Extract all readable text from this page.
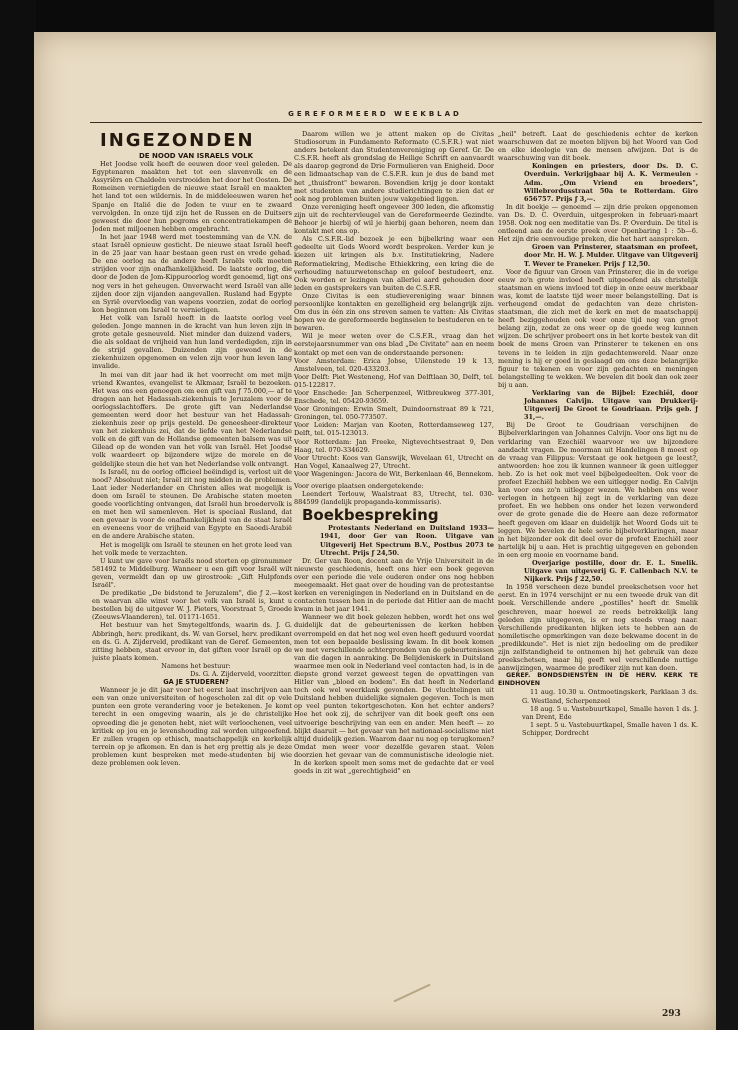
GEREFORMEERD WEEKBLAD

INGEZONDEN

DE NOOD VAN ISRAELS VOLK

Het Joodse volk heeft de eeuwen door veel geleden. De Egyptenaren maakten het tot een slavenvolk en de Assyriërs en Chaldeën verstrooiden het door het Oosten. De Romeinen vernietigden de nieuwe staat Israël en maakten het land tot een wildernis. In de middeleeuwen waren het Spanje en Italië die de Joden te vuur en te zwaard vervolgden. In onze tijd zijn het de Russen en de Duitsers geweest die door hun pogroms en concentratiekampen de Joden met miljoenen hebben omgebracht.

In het jaar 1948 werd met toestemming van de V.N. de staat Israël opnieuw gesticht. De nieuwe staat Israël heeft in de 25 jaar van haar bestaan geen rust en vrede gehad. De ene oorlog na de andere heeft Israëls volk moeten strijden voor zijn onafhankelijkheid. De laatste oorlog, die door de Joden de Jom-Kippuroorlog wordt genoemd, ligt ons nog vers in het geheugen. Onverwacht werd Israël van alle zijden door zijn vijanden aangevallen. Rusland had Egypte en Syrië overvloedig van wapens voorzien, zodat de oorlog kon beginnen om Israël te vernietigen.

Het volk van Israël heeft in de laatste oorlog veel geleden. Jonge mannen in de kracht van hun leven zijn in grote getale gesneuveld. Niet minder dan duizend vaders, die als soldaat de vrijheid van hun land verdedigden, zijn in de strijd gevallen. Duizenden zijn gewond in de ziekenhuizen opgenomen en velen zijn voor hun leven lang invalide.

In mei van dit jaar had ik het voorrecht om met mijn vriend Kwantes, evangelist te Alkmaar, Israël te bezoeken. Het was ons een genoegen om een gift van ƒ 75.000,— af te dragen aan het Hadassah-ziekenhuis te Jeruzalem voor de oorlogsslachtoffers. De grote gift van Nederlandse gemeenten werd door het bestuur van het Hadassah-ziekenhuis zeer op prijs gesteld. De geneesheer-direkteur van het ziekenhuis zei, dat de liefde van het Nederlandse volk en de gift van de Hollandse gemeenten balsem was uit Gilead op de wonden van het volk van Israël. Het Joodse volk waardeert op bijzondere wijze de morele en de geldelijke steun die het van het Nederlandse volk ontvangt.

Is Israël, nu de oorlog officieel beëindigd is, verlost uit de nood? Absoluut niet; Israël zit nog midden in de problemen. Laat ieder Nederlander en Christen alles wat mogelijk is doen om Israël te steunen. De Arabische staten moeten goede voorlichting ontvangen, dat Israël hun broedervolk is en met hen wil samenleven. Het is speciaal Rusland, dat een gevaar is voor de onafhankelijkheid van de staat Israël en eveneens voor de vrijheid van Egypte en Saoedi-Arabië en de andere Arabische staten.

Het is mogelijk om Israël te steunen en het grote leed van het volk mede te verzachten.

U kunt uw gave voor Israëls nood storten op gironummer 581492 te Middelburg. Wanneer u een gift voor Israël wilt geven, vermeldt dan op uw girostrook: „Gift Hulpfonds Israël".

De predikatie „De bidstond te Jeruzalem", die ƒ 2.—kost en waarvan alle winst voor het volk van Israël is, kunt u bestellen bij de uitgever W. J. Pieters, Voorstraat 5, Groede (Zeeuws-Vlaanderen), tel. 01171-1651.

Het bestuur van het Smytegeltfonds, waarin ds. J. G. Abbringh, herv. predikant, ds. W. van Gorsel, herv. predikant en ds. G. A. Zijderveld, predikant van de Geref. Gemeenten, zitting hebben, staat ervoor in, dat giften voor Israël op de juiste plaats komen.

Namens het bestuur:

Ds. G. A. Zijderveld, voorzitter.

GA JE STUDEREN?

Wanneer je je dit jaar voor het eerst laat inschrijven aan een van onze universiteiten of hogescholen zal dit op vele punten een grote verandering voor je betekenen. Je komt terecht in een omgeving waarin, als je de christelijke opvoeding die je genoten hebt, niet wilt verloochenen, veel kritiek op jou en je levenshouding zal worden uitgeoefend. Er zullen vragen op ethisch, maatschappelijk en kerkelijk terrein op je afkomen. En dan is het erg prettig als je deze problemen kunt bespreken met mede-studenten bij wie deze problemen ook leven.

Daarom willen we je attent maken op de Civitas Studiosorum in Fundamento Reformato (C.S.F.R.) wat niet anders betekent dan Studentenvereniging op Geref. Gr. De C.S.F.R. heeft als grondslag de Heilige Schrift en aanvaardt als daarop gegrond de Drie Formulieren van Enigheid. Door een lidmaatschap van de C.S.F.R. kun je dus de band met het „thuisfront" bewaren. Bovendien krijg je door kontakt met studenten van andere studierichtingen te zien dat er ook nog problemen buiten jouw vakgebied liggen.

Onze vereniging heeft ongeveer 300 leden, die afkomstig zijn uit de rechtervleugel van de Gereformeerde Gezindte. Behoor je hierbij of wil je hierbij gaan behoren, neem dan kontakt met ons op.

Als C.S.F.R.-lid bezoek je een bijbelkring waar een gedeelte uit Gods Woord wordt besproken. Verder kun je kiezen uit kringen als b.v. Institutiekring, Nadere Reformatiekring, Medische Ethiekkring, een kring die de verhouding natuurwetenschap en geloof bestudeert, enz. Ook worden er lezingen van allerlei aard gehouden door leden en gastsprekers van buiten de C.S.F.R.

Onze Civitas is een studievereniging waar binnen persoonlijke kontakten en gezelligheid erg belangrijk zijn. Om dus in één zin ons streven samen te vatten: Als Civitas hopen we de gereformeerde beginselen te bestuderen en te bewaren.

Wil je meer weten over de C.S.F.R., vraag dan het eerstejaarsnummer van ons blad „De Civitate" aan en neem kontakt op met een van de onderstaande personen:

Voor Amsterdam: Erica Jobse, Uilenstede 19 k 13, Amstelveen, tel. 020-433203.

Voor Delft: Piet Westeneng, Hof van Delftlaan 30, Delft, tel. 015-122817.

Voor Enschede: Jan Scherpenzeel, Witbreukweg 377-301, Enschede, tel. 05420-93659.

Voor Groningen: Erwin Smelt, Duindoornstraat 89 k 721, Groningen, tel. 050-773507.

Voor Leiden: Marjan van Kooten, Rotterdamseweg 127, Delft, tel. 015-123013.

Voor Rotterdam: Jan Freeke, Nigtevechtsestraat 9, Den Haag, tel. 070-334629.

Voor Utrecht: Koos van Ganswijk, Wevelaan 61, Utrecht en Han Vogel, Kanaalweg 27, Utrecht.

Voor Wageningen: Jacora de Wit, Berkenlaan 46, Bennekom.

Voor overige plaatsen ondergetekende:

Leendert Terlouw, Waalstraat 83, Utrecht, tel. 030-884599 (landelijk propaganda-kommissaris).

Boekbespreking

Protestants Nederland en Duitsland 1933—1941, door Ger van Roon. Uitgave van Uitgeverij Het Spectrum B.V., Postbus 2073 te Utrecht. Prijs ƒ 24,50.

Dr. Ger van Roon, docent aan de Vrije Universiteit in de nieuwste geschiedenis, heeft ons hier een boek gegeven over een periode die vele ouderen onder ons nog hebben meegemaakt. Het gaat over de houding van de protestantse kerken en verenigingen in Nederland en in Duitsland en de contacten tussen hen in de periode dat Hitler aan de macht kwam in het jaar 1941.

Wanneer we dit boek gelezen hebben, wordt het ons wel duidelijk dat de gebeurtenissen de kerken hebben overrompeld en dat het nog wel even heeft geduurd voordat men tot een bepaalde beslissing kwam. In dit boek komen we met verschillende achtergronden van de gebeurtenissen van die dagen in aanraking. De Belijdeniskerk in Duitsland waarmee men ook in Nederland veel contacten had, is in de diepste grond verzet geweest tegen de opvattingen van Hitler van „bloed en bodem". En dat heeft in Nederland toch ook wel weerklank gevonden. De vluchtelingen uit Duitsland hebben duidelijke signalen gegeven. Toch is men op veel punten tekortgeschoten. Kon het echter anders? Hoe het ook zij, de schrijver van dit boek geeft ons een uitvoerige beschrijving van een en ander. Men heeft — zo blijkt daaruit — het gevaar van het nationaal-socialisme niet altijd duidelijk gezien. Waarom daar nu nog op terugkomen? Omdat men weer voor dezelfde gevaren staat. Velen doorzien het gevaar van de communistische ideologie niet. In de kerken speelt men soms met de gedachte dat er veel goeds in zit wat „gerechtigheid" en

„heil" betreft. Laat de geschiedenis echter de kerken waarschuwen dat ze moeten blijven bij het Woord van God en elke ideologie van de mensen afwijzen. Dat is de waarschuwing van dit boek.

Koningen en priesters, door Ds. D. C. Overduin. Verkrijgbaar bij A. K. Vermeulen - Adm. „Om Vriend en broeders", Willebrordusstraat 50a te Rotterdam. Giro 656757. Prijs ƒ 3,—.

In dit boekje — genoemd — zijn drie preken opgenomen van Ds. D. C. Overduin, uitgesproken in februari-maart 1958. Ook nog een meditatie van Ds. P. Overduin. De titel is ontleend aan de eerste preek over Openbaring 1 : 5b—6. Het zijn drie eenvoudige preken, die het hart aanspreken.

Groen van Prinsterer, staatsman en profeet, door Mr. H. W. J. Mulder. Uitgave van Uitgeverij T. Wever te Franeker. Prijs ƒ 12,50.

Voor de figuur van Groen van Prinsterer, die in de vorige eeuw zo'n grote invloed heeft uitgeoefend als christelijk staatsman en wiens invloed tot diep in onze eeuw merkbaar was, komt de laatste tijd weer meer belangstelling. Dat is verheugend omdat de gedachten van deze christen-staatsman, die zich met de kerk en met de maatschappij heeft beziggehouden ook voor onze tijd nog van groot belang zijn, zodat ze ons weer op de goede weg kunnen wijzen. De schrijver probeert ons in het korte bestek van dit boek de mens Groen van Prinsterer te tekenen en ons tevens in te leiden in zijn gedachtenwereld. Naar onze mening is hij er goed in geslaagd om ons deze belangrijke figuur te tekenen en voor zijn gedachten en meningen belangstelling te wekken. We bevelen dit boek dan ook zeer bij u aan.

Verklaring van de Bijbel: Ezechiël, door Johannes Calvijn. Uitgave van Drukkerij-Uitgeverij De Groot te Goudriaan. Prijs geb. ƒ 31,—.

Bij De Groot te Goudriaan verschijnen de Bijbelverklaringen van Johannes Calvijn. Voor ons ligt nu de verklaring van Ezechiël waarvoor we uw bijzondere aandacht vragen. De moorman uit Handelingen 8 moest op de vraag van Filippus: Verstaat ge ook hetgeen ge leest?, antwoorden: hoe zou ik kunnen wanneer ik geen uitlegger heb. Zo is het ook met veel bijbelgedeelten. Ook voor de profeet Ezechiël hebben we een uitlegger nodig. En Calvijn kan voor ons zo'n uitlegger wezen. We hebben ons weer verlegen in hetgeen hij zegt in de verklaring van deze profeet. En we hebben ons onder het lezen verwonderd over de grote genade die de Heere aan deze reformator heeft gegeven om klaar en duidelijk het Woord Gods uit te leggen. We bevelen de hele serie bijbelverklaringen, maar in het bijzonder ook dit deel over de profeet Ezechiël zeer hartelijk bij u aan. Het is prachtig uitgegeven en gebonden in een erg mooie en voorname band.

Overjarige postille, door dr. E. L. Smelik. Uitgave van uitgeverij G. F. Callenbach N.V. te Nijkerk. Prijs ƒ 22,50.

In 1958 verscheen deze bundel preekschetsen voor het eerst. En in 1974 verschijnt er nu een tweede druk van dit boek. Verschillende andere „postilles" heeft dr. Smelik geschreven, maar hoewel ze reeds betrekkelijk lang geleden zijn uitgegeven, is er nog steeds vraag naar. Verschillende predikanten blijken iets te hebben aan de homiletische opmerkingen van deze bekwame docent in de „predikkunde". Het is niet zijn bedoeling om de prediker zijn zelfstandigheid te ontnemen bij het gebruik van deze preekschetsen, maar hij geeft wel verschillende nuttige aanwijzingen, waarmee de prediker zijn nut kan doen.

GEREF. BONDSDIENSTEN IN DE HERV. KERK TE EINDHOVEN

11 aug. 10.30 u. Ontmoetingskerk, Parklaan 3 ds. G. Westland, Scherpenzeel

18 aug. 5 u. Vastebuurtkapel, Smalle haven 1 ds. J. van Drent, Ede

1 sept. 5 u. Vastebuurtkapel, Smalle haven 1 ds. K. Schipper, Dordrecht

293
